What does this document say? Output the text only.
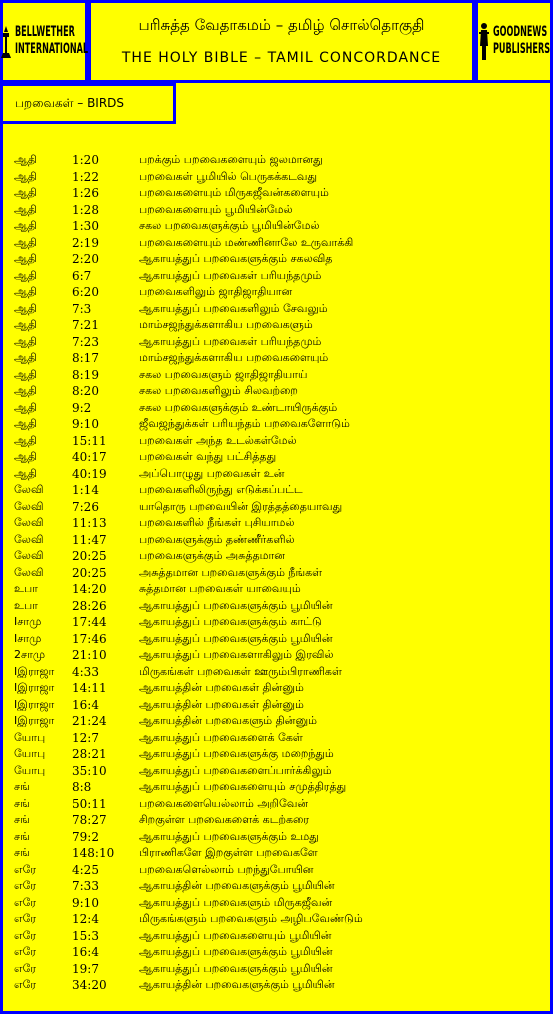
BELLWETHER
INTERNATIONAL
பரிசுத்த வேதாகமம் – தமிழ் சொல்தொகுதி
THE HOLY BIBLE – TAMIL CONCORDANCE
GOODNEWS
PUBLISHERS
பறவைகள் – BIRDS
ஆதி	1:20	பறக்கும் பறவைகளையும் ஜலமானது
ஆதி	1:22	பறவைகள் பூமியில் பெருகக்கடவது
ஆதி	1:26	பறவைகளையும் மிருகஜீவன்களையும்
ஆதி	1:28	பறவைகளையும் பூமியின்மேல்
ஆதி	1:30	சகல பறவைகளுக்கும் பூமியின்மேல்
ஆதி	2:19	பறவைகளையும் மண்ணினாலே உருவாக்கி
ஆதி	2:20	ஆகாயத்துப் பறவைகளுக்கும் சகலவித
ஆதி	6:7	ஆகாயத்துப் பறவைகள் பரியந்தமும்
ஆதி	6:20	பறவைகளிலும் ஜாதிஜாதியான
ஆதி	7:3	ஆகாயத்துப் பறவைகளிலும் சேவலும்
ஆதி	7:21	மாம்சஜந்துக்களாகிய பறவைகளும்
ஆதி	7:23	ஆகாயத்துப் பறவைகள் பரியந்தமும்
ஆதி	8:17	மாம்சஜந்துக்களாகிய பறவைகளையும்
ஆதி	8:19	சகல பறவைகளும் ஜாதிஜாதியாய்
ஆதி	8:20	சகல பறவைகளிலும் சிலவற்றை
ஆதி	9:2	சகல பறவைகளுக்கும் உண்டாயிருக்கும்
ஆதி	9:10	ஜீவஜந்துக்கள் பரியந்தம் பறவைகளோடும்
ஆதி	15:11	பறவைகள் அந்த உடல்கள்மேல்
ஆதி	40:17	பறவைகள் வந்து பட்சித்தது
ஆதி	40:19	அப்பொழுது பறவைகள் உன்
லேவி 1:14	பறவைகளிலிருந்து எடுக்கப்பட்ட
லேவி 7:26	யாதொரு பறவையின் இரத்தத்தையாவது
லேவி 11:13	பறவைகளில் நீங்கள் புசியாமல்
லேவி 11:47	பறவைகளுக்கும் தண்ணீர்களில்
லேவி 20:25	பறவைகளுக்கும் அசுத்தமான
லேவி 20:25	அசுத்தமான பறவைகளுக்கும் நீங்கள்
உபா	14:20	சுத்தமான பறவைகள் யாவையும்
உபா	28:26	ஆகாயத்துப் பறவைகளுக்கும் பூமியின்
Iசாமு	17:44	ஆகாயத்துப் பறவைகளுக்கும் காட்டு
Iசாமு	17:46	ஆகாயத்துப் பறவைகளுக்கும் பூமியின்
2சாமு 21:10	ஆகாயத்துப் பறவைகளாகிலும் இரவில்
Iஇராஜா 4:33	மிருகங்கள் பறவைகள் ஊரும்பிராணிகள்
Iஇராஜா 14:11	ஆகாயத்தின் பறவைகள் தின்னும்
Iஇராஜா 16:4	ஆகாயத்தின் பறவைகள் தின்னும்
Iஇராஜா 21:24	ஆகாயத்தின் பறவைகளும் தின்னும்
யோபு 12:7	ஆகாயத்துப் பறவைகளைக் கேள்
யோபு 28:21	ஆகாயத்துப் பறவைகளுக்கு மறைந்தும்
யோபு 35:10	ஆகாயத்துப் பறவைகளைப்பார்க்கிலும்
சங்	8:8	ஆகாயத்துப் பறவைகளையும் சமுத்திரத்து
சங்	50:11	பறவைகளையெல்லாம் அறிவேன்
சங்	78:27	சிறகுள்ள பறவைகளைக் கடற்கரை
சங்	79:2	ஆகாயத்துப் பறவைகளுக்கும் உமது
சங்	148:10 பிராணிகளே இறகுள்ள பறவைகளே
எரே	4:25	பறவைகளெல்லாம் பறந்துபோயின
எரே	7:33	ஆகாயத்தின் பறவைகளுக்கும் பூமியின்
எரே	9:10	ஆகாயத்துப் பறவைகளும் மிருகஜீவன்
எரே	12:4	மிருகங்களும் பறவைகளும் அழிபவேண்டும்
எரே	15:3	ஆகாயத்துப் பறவைகளையும் பூமியின்
எரே	16:4	ஆகாயத்துப் பறவைகளுக்கும் பூமியின்
எரே	19:7	ஆகாயத்துப் பறவைகளுக்கும் பூமியின்
எரே	34:20	ஆகாயத்தின் பறவைகளுக்கும் பூமியின்
